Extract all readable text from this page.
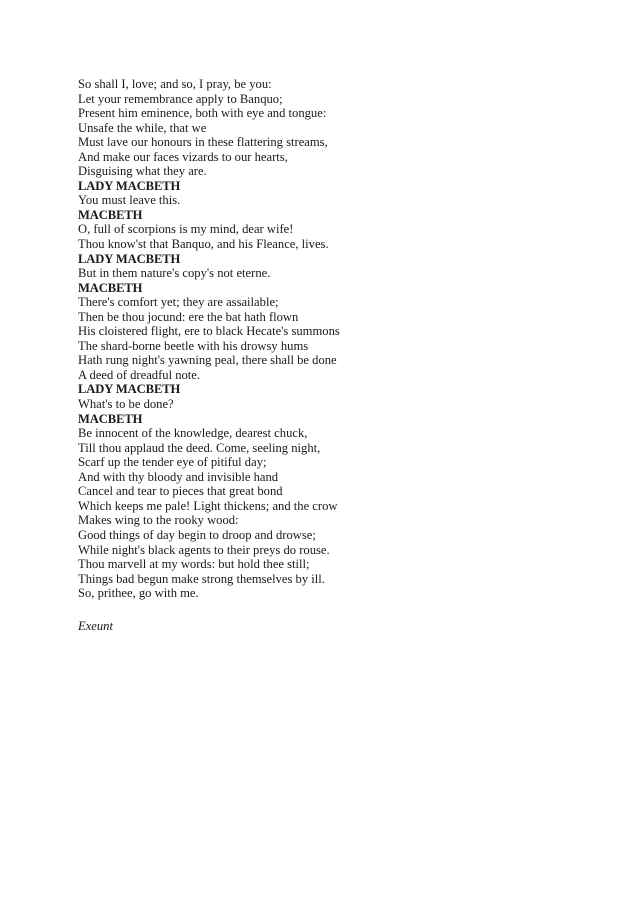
So shall I, love; and so, I pray, be you:
Let your remembrance apply to Banquo;
Present him eminence, both with eye and tongue:
Unsafe the while, that we
Must lave our honours in these flattering streams,
And make our faces vizards to our hearts,
Disguising what they are.
LADY MACBETH
You must leave this.
MACBETH
O, full of scorpions is my mind, dear wife!
Thou know'st that Banquo, and his Fleance, lives.
LADY MACBETH
But in them nature's copy's not eterne.
MACBETH
There's comfort yet; they are assailable;
Then be thou jocund: ere the bat hath flown
His cloistered flight, ere to black Hecate's summons
The shard-borne beetle with his drowsy hums
Hath rung night's yawning peal, there shall be done
A deed of dreadful note.
LADY MACBETH
What's to be done?
MACBETH
Be innocent of the knowledge, dearest chuck,
Till thou applaud the deed. Come, seeling night,
Scarf up the tender eye of pitiful day;
And with thy bloody and invisible hand
Cancel and tear to pieces that great bond
Which keeps me pale! Light thickens; and the crow
Makes wing to the rooky wood:
Good things of day begin to droop and drowse;
While night's black agents to their preys do rouse.
Thou marvell at my words: but hold thee still;
Things bad begun make strong themselves by ill.
So, prithee, go with me.
Exeunt
